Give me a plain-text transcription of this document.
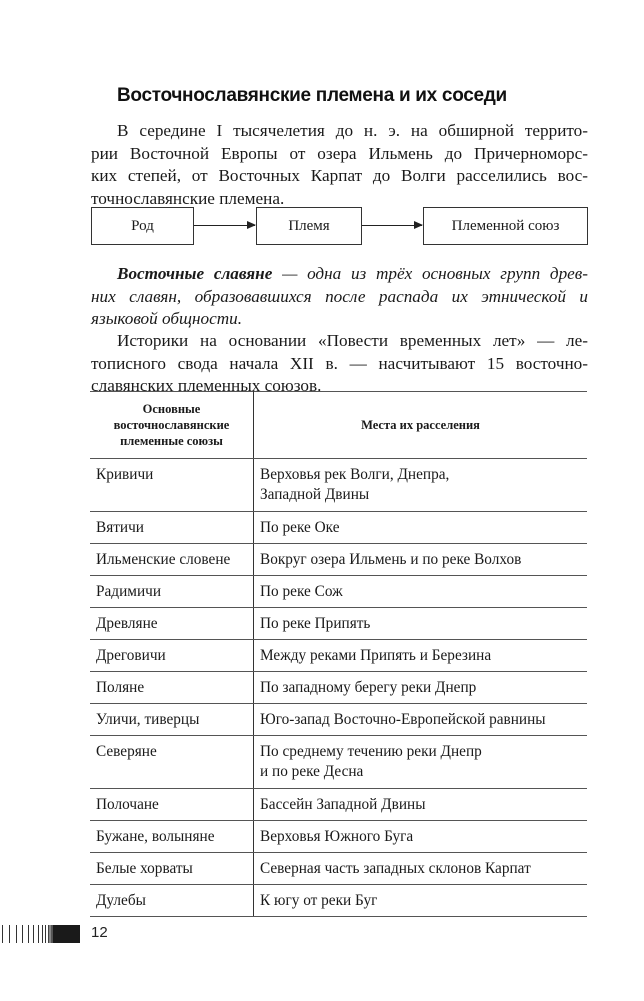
Восточнославянские племена и их соседи
В середине I тысячелетия до н. э. на обширной террито-
рии Восточной Европы от озера Ильмень до Причерноморс-
ких степей, от Восточных Карпат до Волги расселились вос-
точнославянские племена.
Род	Племя	Племенной союз
Восточные славяне — одна из трёх основных групп древ-
них славян, образовавшихся после распада их этнической и
языковой общности.
Историки на основании «Повести временных лет» — ле-
тописного свода начала XII в. — насчитывают 15 восточно-
славянских племенных союзов.
Основные
восточнославянские
племенные союзы	Места их расселения

Кривичи	Верховья рек Волги, Днепра,
Западной Двины

Вятичи	По реке Оке
Ильменские словене	Вокруг озера Ильмень и по реке Волхов
Радимичи	По реке Сож
Древляне	По реке Припять
Дреговичи	Между реками Припять и Березина
Поляне	По западному берегу реки Днепр
Уличи, тиверцы	Юго-запад Восточно-Европейской равнины
Северяне	По среднему течению реки Днепр
и по реке Десна

Полочане	Бассейн Западной Двины
Бужане, волыняне	Верховья Южного Буга
Белые хорваты	Северная часть западных склонов Карпат
Дулебы	К югу от реки Буг
12
